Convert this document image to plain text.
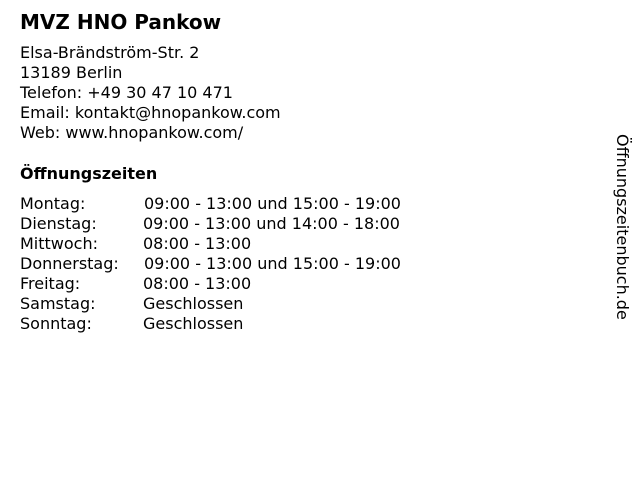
MVZ HNO Pankow
Elsa-Brändström-Str. 2
13189 Berlin
Telefon: +49 30 47 10 471
Email: kontakt@hnopankow.com
Web: www.hnopankow.com/
Öffnungszeiten
Montag:	09:00 - 13:00 und 15:00 - 19:00
Dienstag:	09:00 - 13:00 und 14:00 - 18:00
Mittwoch:	08:00 - 13:00
Donnerstag: 09:00 - 13:00 und 15:00 - 19:00
Freitag:	08:00 - 13:00
Samstag:	Geschlossen
Sonntag:	Geschlossen
Öffnungszeitenbuch.de
